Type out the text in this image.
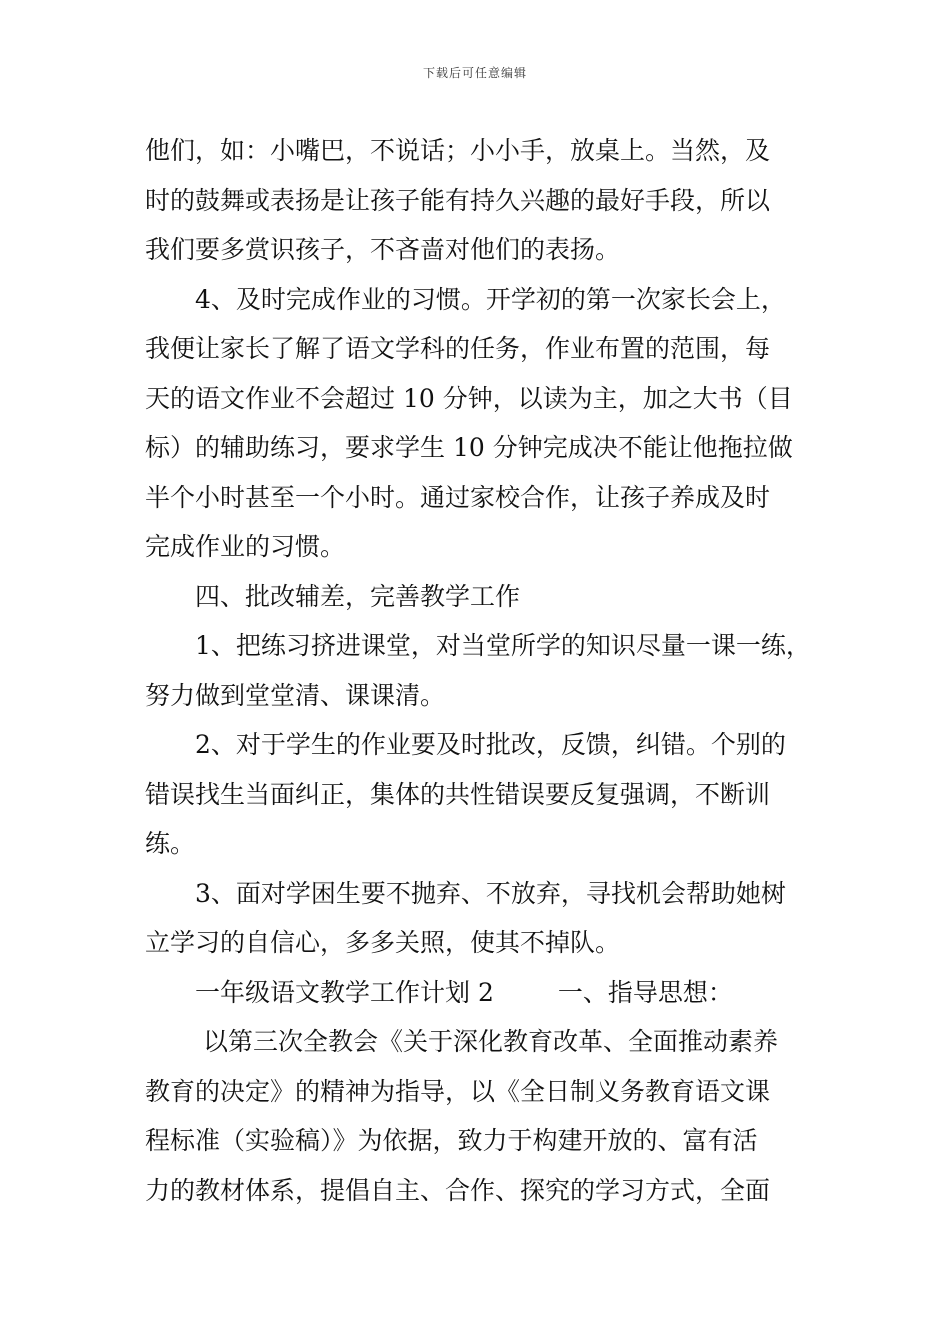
下载后可任意编辑
他们，如：小嘴巴，不说话；小小手，放桌上。当然，及
时的鼓舞或表扬是让孩子能有持久兴趣的最好手段，所以
我们要多赏识孩子，不吝啬对他们的表扬。
4、及时完成作业的习惯。开学初的第一次家长会上，
我便让家长了解了语文学科的任务，作业布置的范围，每
天的语文作业不会超过 10 分钟，以读为主，加之大书（目
标）的辅助练习，要求学生 10 分钟完成决不能让他拖拉做
半个小时甚至一个小时。通过家校合作，让孩子养成及时
完成作业的习惯。
四、批改辅差，完善教学工作
1、把练习挤进课堂，对当堂所学的知识尽量一课一练，
努力做到堂堂清、课课清。
2、对于学生的作业要及时批改，反馈，纠错。个别的
错误找生当面纠正，集体的共性错误要反复强调，不断训
练。
3、面对学困生要不抛弃、不放弃，寻找机会帮助她树
立学习的自信心，多多关照，使其不掉队。
一年级语文教学工作计划 2	一、指导思想：
以第三次全教会《关于深化教育改革、全面推动素养
教育的决定》的精神为指导，以《全日制义务教育语文课
程标准（实验稿）》为依据，致力于构建开放的、富有活
力的教材体系，提倡自主、合作、探究的学习方式，全面
